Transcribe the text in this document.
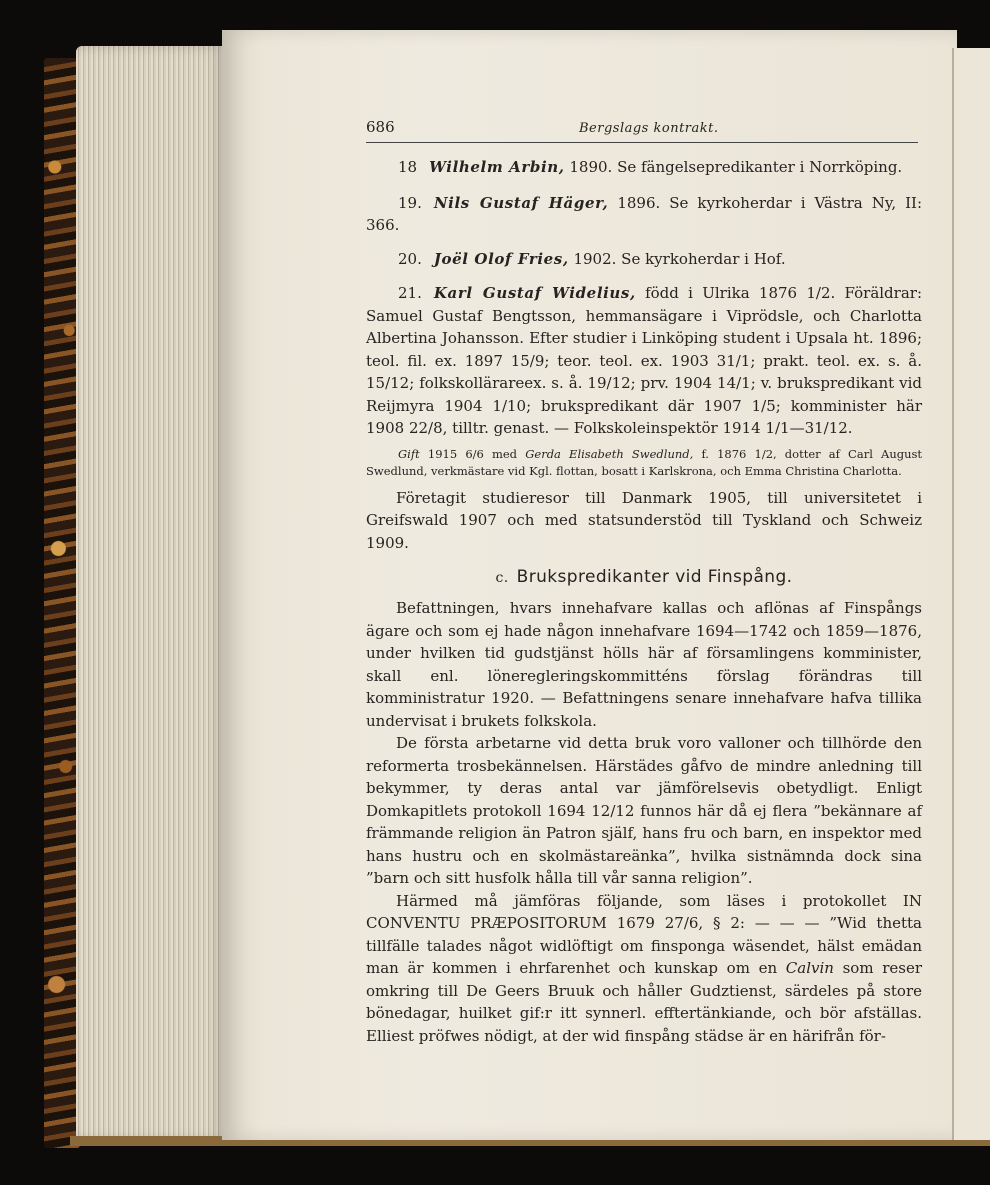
686	Bergslags kontrakt.

18 Wilhelm Arbin, 1890. Se fängelsepredikanter i Norrköping.

19. Nils Gustaf Häger, 1896. Se kyrkoherdar i Västra Ny, II: 366.

20. Joël Olof Fries, 1902. Se kyrkoherdar i Hof.

21. Karl Gustaf Widelius, född i Ulrika 1876 1/2. Föräldrar: Samuel Gustaf Bengtsson, hemmansägare i Viprödsle, och Charlotta Albertina Johansson. Efter studier i Linköping student i Upsala ht. 1896; teol. fil. ex. 1897 15/9; teor. teol. ex. 1903 31/1; prakt. teol. ex. s. å. 15/12; folkskollärareex. s. å. 19/12; prv. 1904 14/1; v. brukspredikant vid Reijmyra 1904 1/10; brukspredikant där 1907 1/5; komminister här 1908 22/8, tilltr. genast. — Folkskoleinspektör 1914 1/1—31/12.

Gift 1915 6/6 med Gerda Elisabeth Swedlund, f. 1876 1/2, dotter af Carl August Swedlund, verkmästare vid Kgl. flottan, bosatt i Karlskrona, och Emma Christina Charlotta.

Företagit studieresor till Danmark 1905, till universitetet i Greifswald 1907 och med statsunderstöd till Tyskland och Schweiz 1909.

c. Brukspredikanter vid Finspång.

Befattningen, hvars innehafvare kallas och aflönas af Finspångs ägare och som ej hade någon innehafvare 1694—1742 och 1859—1876, under hvilken tid gudstjänst hölls här af församlingens komminister, skall enl. löneregleringskommitténs förslag förändras till komministratur 1920. — Befattningens senare innehafvare hafva tillika undervisat i brukets folkskola.

De första arbetarne vid detta bruk voro valloner och tillhörde den reformerta trosbekännelsen. Härstädes gåfvo de mindre anledning till bekymmer, ty deras antal var jämförelsevis obetydligt. Enligt Domkapitlets protokoll 1694 12/12 funnos här då ej flera ”bekännare af främmande religion än Patron själf, hans fru och barn, en inspektor med hans hustru och en skolmästareänka”, hvilka sistnämnda dock sina ”barn och sitt husfolk hålla till vår sanna religion”.

Härmed må jämföras följande, som läses i protokollet IN CONVENTU PRÆPOSITORUM 1679 27/6, § 2: — — — ”Wid thetta tillfälle talades något widlöftigt om finsponga wäsendet, hälst emädan man är kommen i ehrfarenhet och kunskap om en Calvin som reser omkring till De Geers Bruuk och håller Gudztienst, särdeles på store bönedagar, huilket gif:r itt synnerl. efftertänkiande, och bör afställas. Elliest pröfwes nödigt, at der wid finspång städse är en härifrån för-
